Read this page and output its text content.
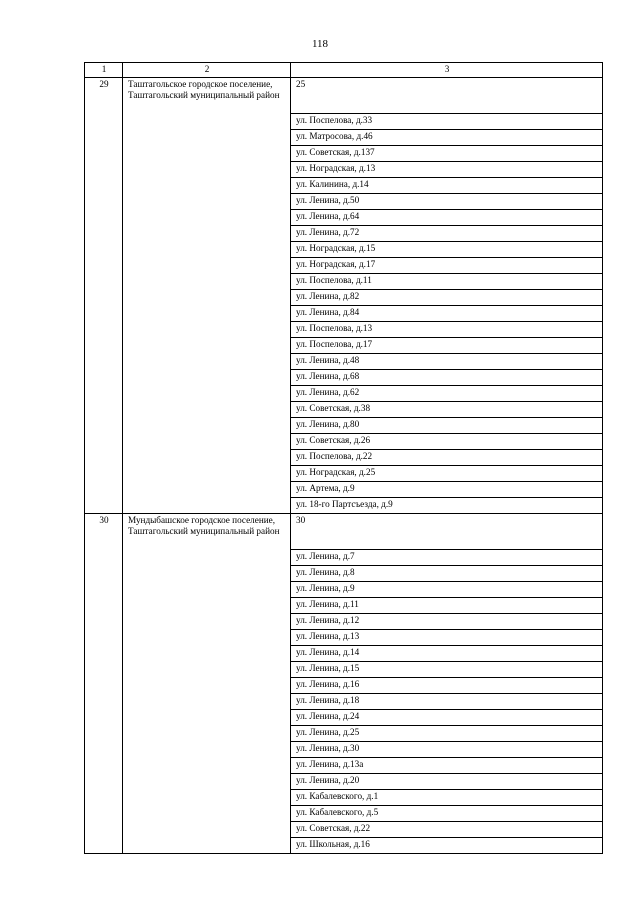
118
1	2	3
29	Таштагольское городское поселение, Таштагольский муниципальный район	25
		ул. Поспелова, д.33
		ул. Матросова, д.46
		ул. Советская, д.137
		ул. Ноградская, д.13
		ул. Калинина, д.14
		ул. Ленина, д.50
		ул. Ленина, д.64
		ул. Ленина, д.72
		ул. Ноградская, д.15
		ул. Ноградская, д.17
		ул. Поспелова, д.11
		ул. Ленина, д.82
		ул. Ленина, д.84
		ул. Поспелова, д.13
		ул. Поспелова, д.17
		ул. Ленина, д.48
		ул. Ленина, д.68
		ул. Ленина, д.62
		ул. Советская, д.38
		ул. Ленина, д.80
		ул. Советская, д.26
		ул. Поспелова, д.22
		ул. Ноградская, д.25
		ул. Артема, д.9
		ул. 18-го Партсъезда, д.9
30	Мундыбашское городское поселение, Таштагольский муниципальный район	30
		ул. Ленина, д.7
		ул. Ленина, д.8
		ул. Ленина, д.9
		ул. Ленина, д.11
		ул. Ленина, д.12
		ул. Ленина, д.13
		ул. Ленина, д.14
		ул. Ленина, д.15
		ул. Ленина, д.16
		ул. Ленина, д.18
		ул. Ленина, д.24
		ул. Ленина, д.25
		ул. Ленина, д.30
		ул. Ленина, д.13а
		ул. Ленина, д.20
		ул. Кабалевского, д.1
		ул. Кабалевского, д.5
		ул. Советская, д.22
		ул. Школьная, д.16
